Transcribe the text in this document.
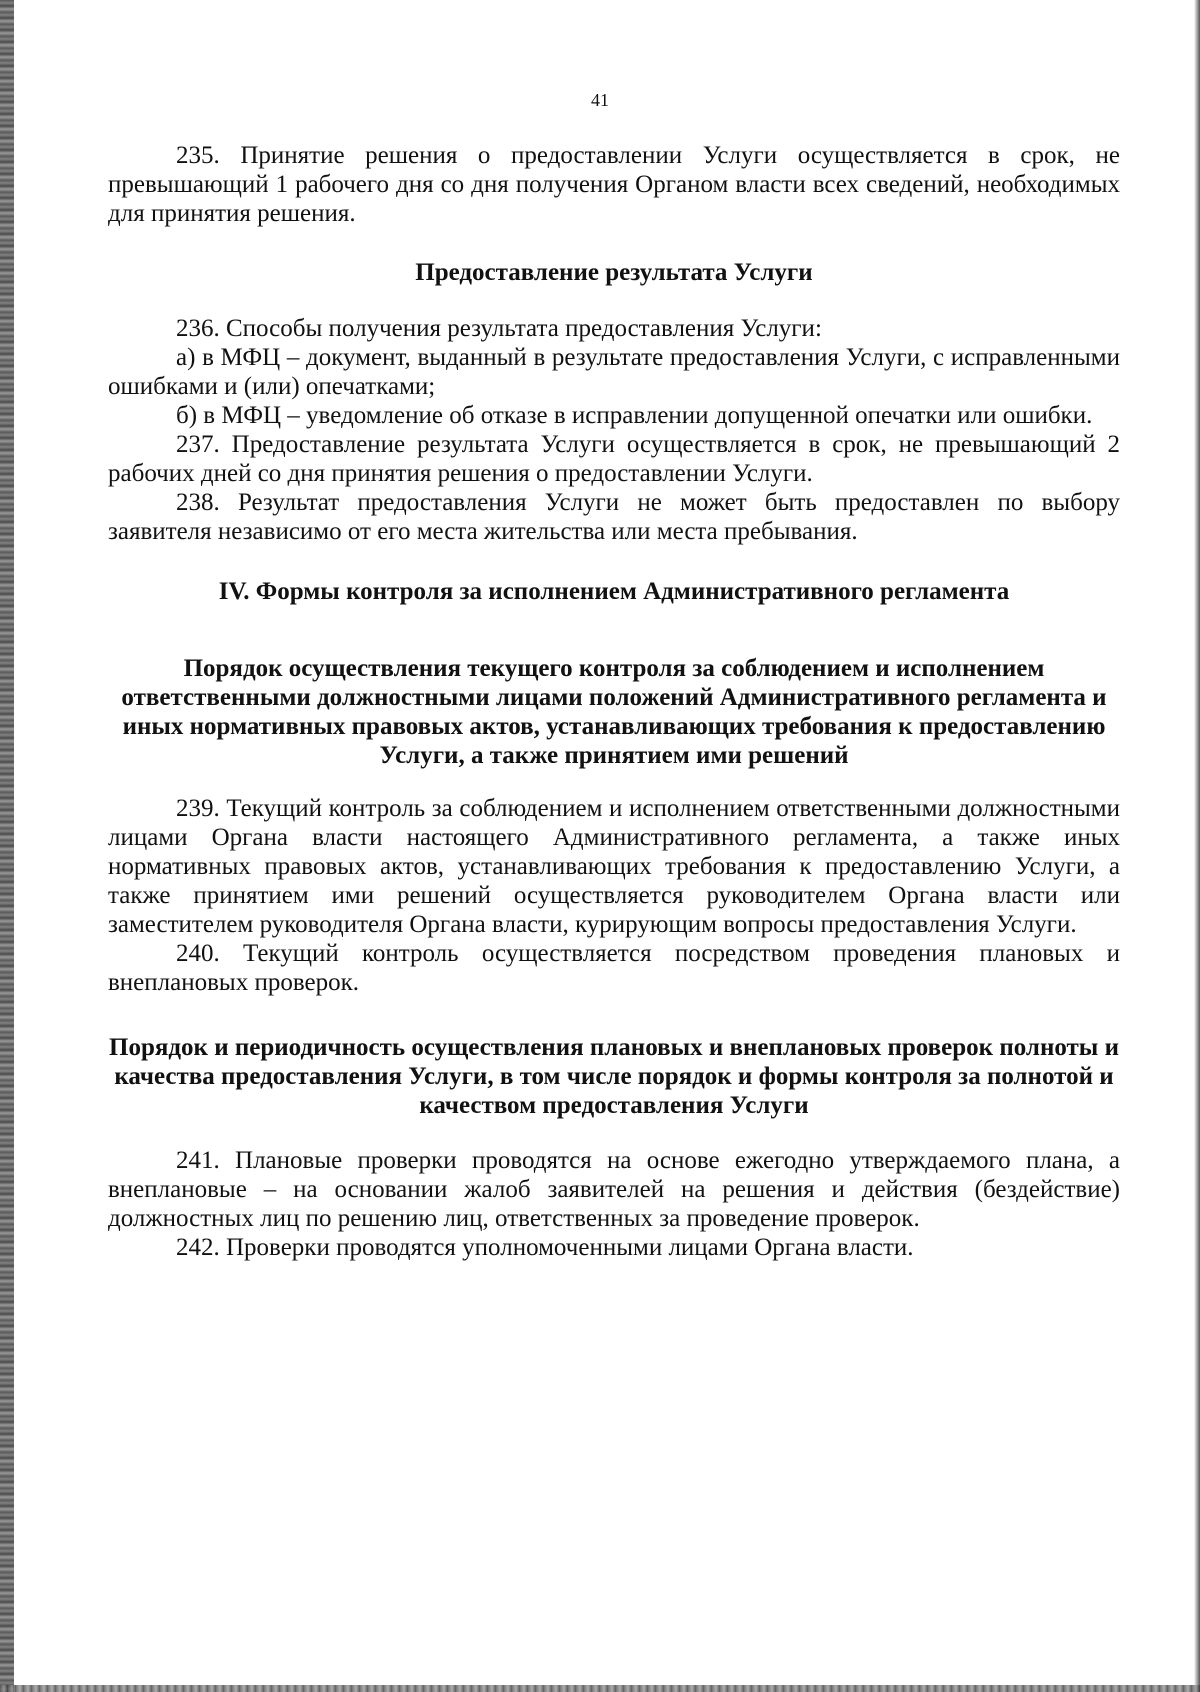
41

235. Принятие решения о предоставлении Услуги осуществляется в срок, не превышающий 1 рабочего дня со дня получения Органом власти всех сведений, необходимых для принятия решения.

Предоставление результата Услуги

236. Способы получения результата предоставления Услуги:

а) в МФЦ – документ, выданный в результате предоставления Услуги, с исправленными ошибками и (или) опечатками;

б) в МФЦ – уведомление об отказе в исправлении допущенной опечатки или ошибки.

237. Предоставление результата Услуги осуществляется в срок, не превышающий 2 рабочих дней со дня принятия решения о предоставлении Услуги.

238. Результат предоставления Услуги не может быть предоставлен по выбору заявителя независимо от его места жительства или места пребывания.

IV. Формы контроля за исполнением Административного регламента

Порядок осуществления текущего контроля за соблюдением и исполнением ответственными должностными лицами положений Административного регламента и иных нормативных правовых актов, устанавливающих требования к предоставлению Услуги, а также принятием ими решений

239. Текущий контроль за соблюдением и исполнением ответственными должностными лицами Органа власти настоящего Административного регламента, а также иных нормативных правовых актов, устанавливающих требования к предоставлению Услуги, а также принятием ими решений осуществляется руководителем Органа власти или заместителем руководителя Органа власти, курирующим вопросы предоставления Услуги.

240. Текущий контроль осуществляется посредством проведения плановых и внеплановых проверок.

Порядок и периодичность осуществления плановых и внеплановых проверок полноты и качества предоставления Услуги, в том числе порядок и формы контроля за полнотой и качеством предоставления Услуги

241. Плановые проверки проводятся на основе ежегодно утверждаемого плана, а внеплановые – на основании жалоб заявителей на решения и действия (бездействие) должностных лиц по решению лиц, ответственных за проведение проверок.

242. Проверки проводятся уполномоченными лицами Органа власти.
